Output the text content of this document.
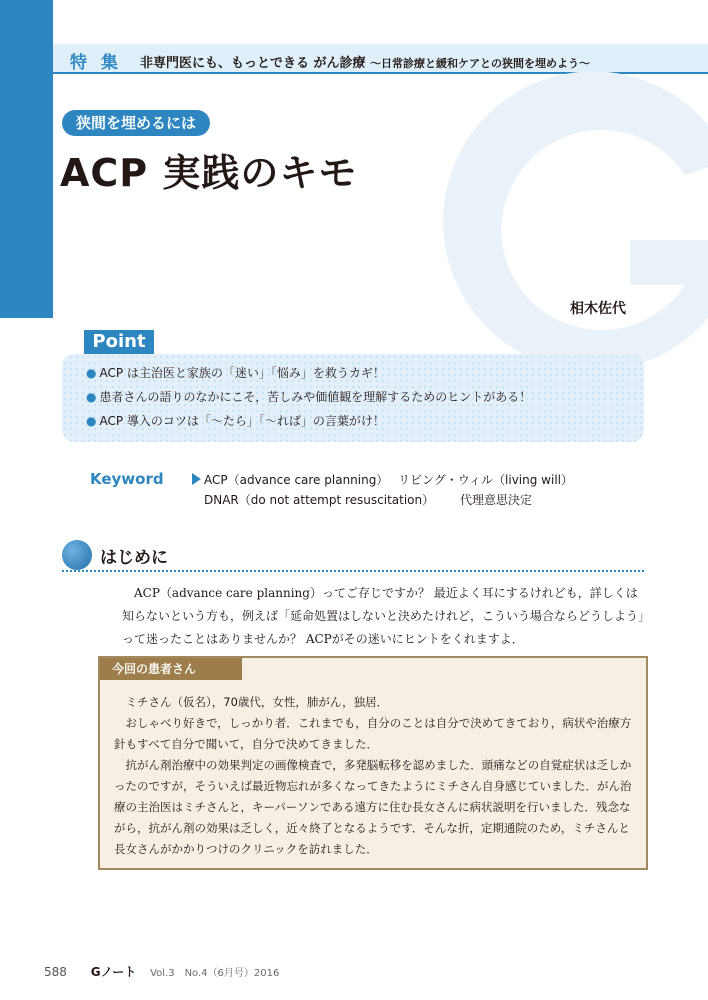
特 集 非専門医にも、もっとできる がん診療 〜日常診療と緩和ケアとの狭間を埋めよう〜
狭間を埋めるには
ACP 実践のキモ
相木佐代
Point
● ACP は主治医と家族の「迷い」「悩み」を救うカギ！
● 患者さんの語りのなかにこそ，苦しみや価値観を理解するためのヒントがある！
● ACP 導入のコツは「〜たら」「〜れば」の言葉がけ！
Keyword	ACP（advance care planning） リビング・ウィル（living will）
DNAR（do not attempt resuscitation） 代理意思決定
はじめに
ACP（advance care planning）ってご存じですか？ 最近よく耳にするけれども，詳しくは知らないという方も，例えば「延命処置はしないと決めたけれど，こういう場合ならどうしよう」って迷ったことはありませんか？ ACPがその迷いにヒントをくれますよ．
今回の患者さん

ミチさん（仮名），70歳代，女性，肺がん，独居．

おしゃべり好きで，しっかり者．これまでも，自分のことは自分で決めてきており，病状や治療方針もすべて自分で聞いて，自分で決めてきました．

抗がん剤治療中の効果判定の画像検査で，多発脳転移を認めました．頭痛などの自覚症状は乏しかったのですが，そういえば最近物忘れが多くなってきたようにミチさん自身感じていました．がん治療の主治医はミチさんと，キーパーソンである遠方に住む長女さんに病状説明を行いました．残念ながら，抗がん剤の効果は乏しく，近々終了となるようです．そんな折，定期通院のため，ミチさんと長女さんがかかりつけのクリニックを訪れました．

588 Gノート Vol.3　No.4（6月号）2016
